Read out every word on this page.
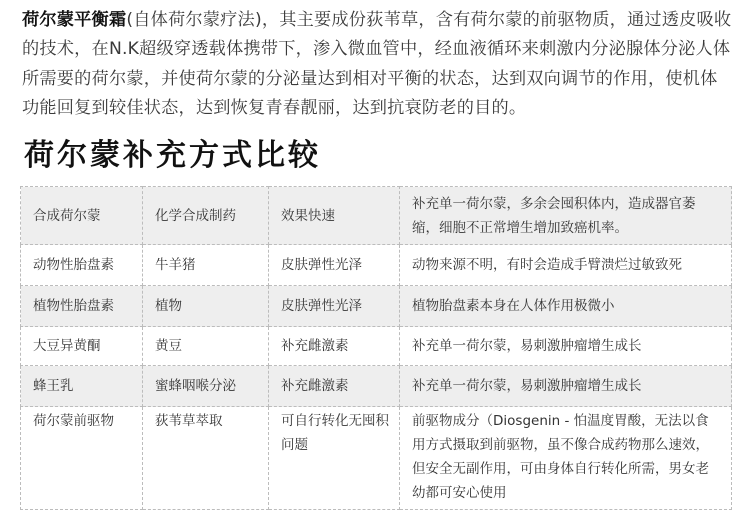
荷尔蒙平衡霜(自体荷尔蒙疗法)，其主要成份荻苇草，含有荷尔蒙的前驱物质，通过透皮吸收的技术，在N.K超级穿透载体携带下，渗入微血管中，经血液循环来刺激内分泌腺体分泌人体所需要的荷尔蒙，并使荷尔蒙的分泌量达到相对平衡的状态，达到双向调节的作用，使机体功能回复到较佳状态，达到恢复青春靓丽，达到抗衰防老的目的。
荷尔蒙补充方式比较
合成荷尔蒙	化学合成制药	效果快速	补充单一荷尔蒙，多余会囤积体内，造成器官萎缩，细胞不正常增生增加致癌机率。

动物性胎盘素	牛羊猪	皮肤弹性光泽	动物来源不明，有时会造成手臂溃烂过敏致死

植物性胎盘素	植物	皮肤弹性光泽	植物胎盘素本身在人体作用极微小

大豆异黄酮	黄豆	补充雌激素	补充单一荷尔蒙，易刺激肿瘤增生成长

蜂王乳	蜜蜂咽喉分泌	补充雌激素	补充单一荷尔蒙，易刺激肿瘤增生成长

荷尔蒙前驱物	荻苇草萃取	可自行转化无囤积问题	前驱物成分（Diosgenin - 怕温度胃酸，无法以食用方式摄取到前驱物，虽不像合成药物那么速效，但安全无副作用，可由身体自行转化所需，男女老幼都可安心使用
